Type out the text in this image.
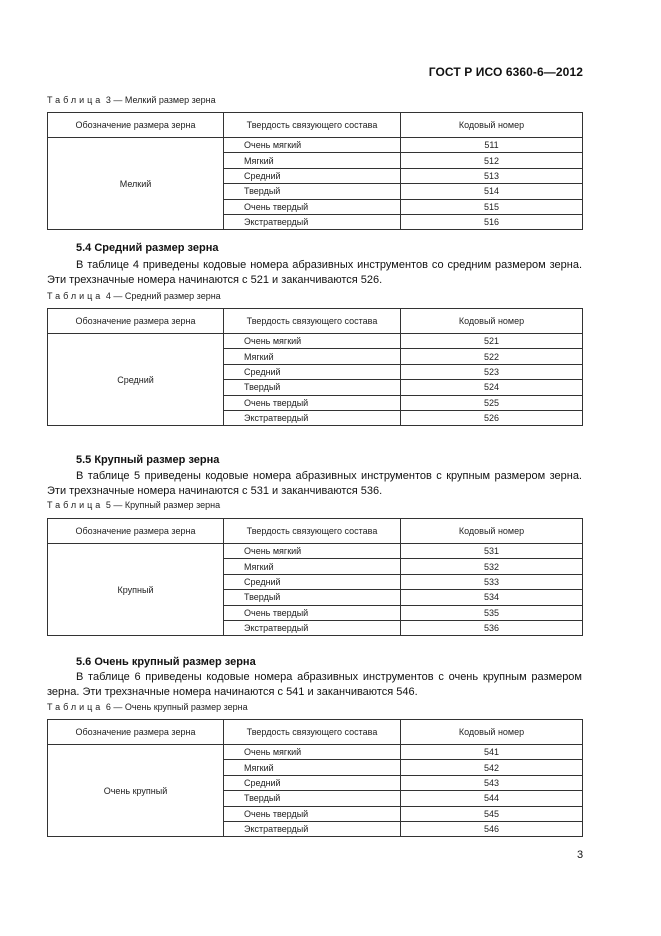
ГОСТ Р ИСО 6360-6—2012
Таблица 3 — Мелкий размер зерна
Обозначение размера зерна	Твердость связующего состава	Кодовый номер
Мелкий	Очень мягкий	511
	Мягкий	512
	Средний	513
	Твердый	514
	Очень твердый	515
	Экстратвердый	516
5.4 Средний размер зерна
В таблице 4 приведены кодовые номера абразивных инструментов со средним размером зерна. Эти трехзначные номера начинаются с 521 и заканчиваются 526.
Таблица 4 — Средний размер зерна
Обозначение размера зерна	Твердость связующего состава	Кодовый номер
Средний	Очень мягкий	521
	Мягкий	522
	Средний	523
	Твердый	524
	Очень твердый	525
	Экстратвердый	526
5.5 Крупный размер зерна
В таблице 5 приведены кодовые номера абразивных инструментов с крупным размером зерна. Эти трехзначные номера начинаются с 531 и заканчиваются 536.
Таблица 5 — Крупный размер зерна
Обозначение размера зерна	Твердость связующего состава	Кодовый номер
Крупный	Очень мягкий	531
	Мягкий	532
	Средний	533
	Твердый	534
	Очень твердый	535
	Экстратвердый	536
5.6 Очень крупный размер зерна
В таблице 6 приведены кодовые номера абразивных инструментов с очень крупным размером зерна. Эти трехзначные номера начинаются с 541 и заканчиваются 546.
Таблица 6 — Очень крупный размер зерна
Обозначение размера зерна	Твердость связующего состава	Кодовый номер
Очень крупный	Очень мягкий	541
	Мягкий	542
	Средний	543
	Твердый	544
	Очень твердый	545
	Экстратвердый	546
3
